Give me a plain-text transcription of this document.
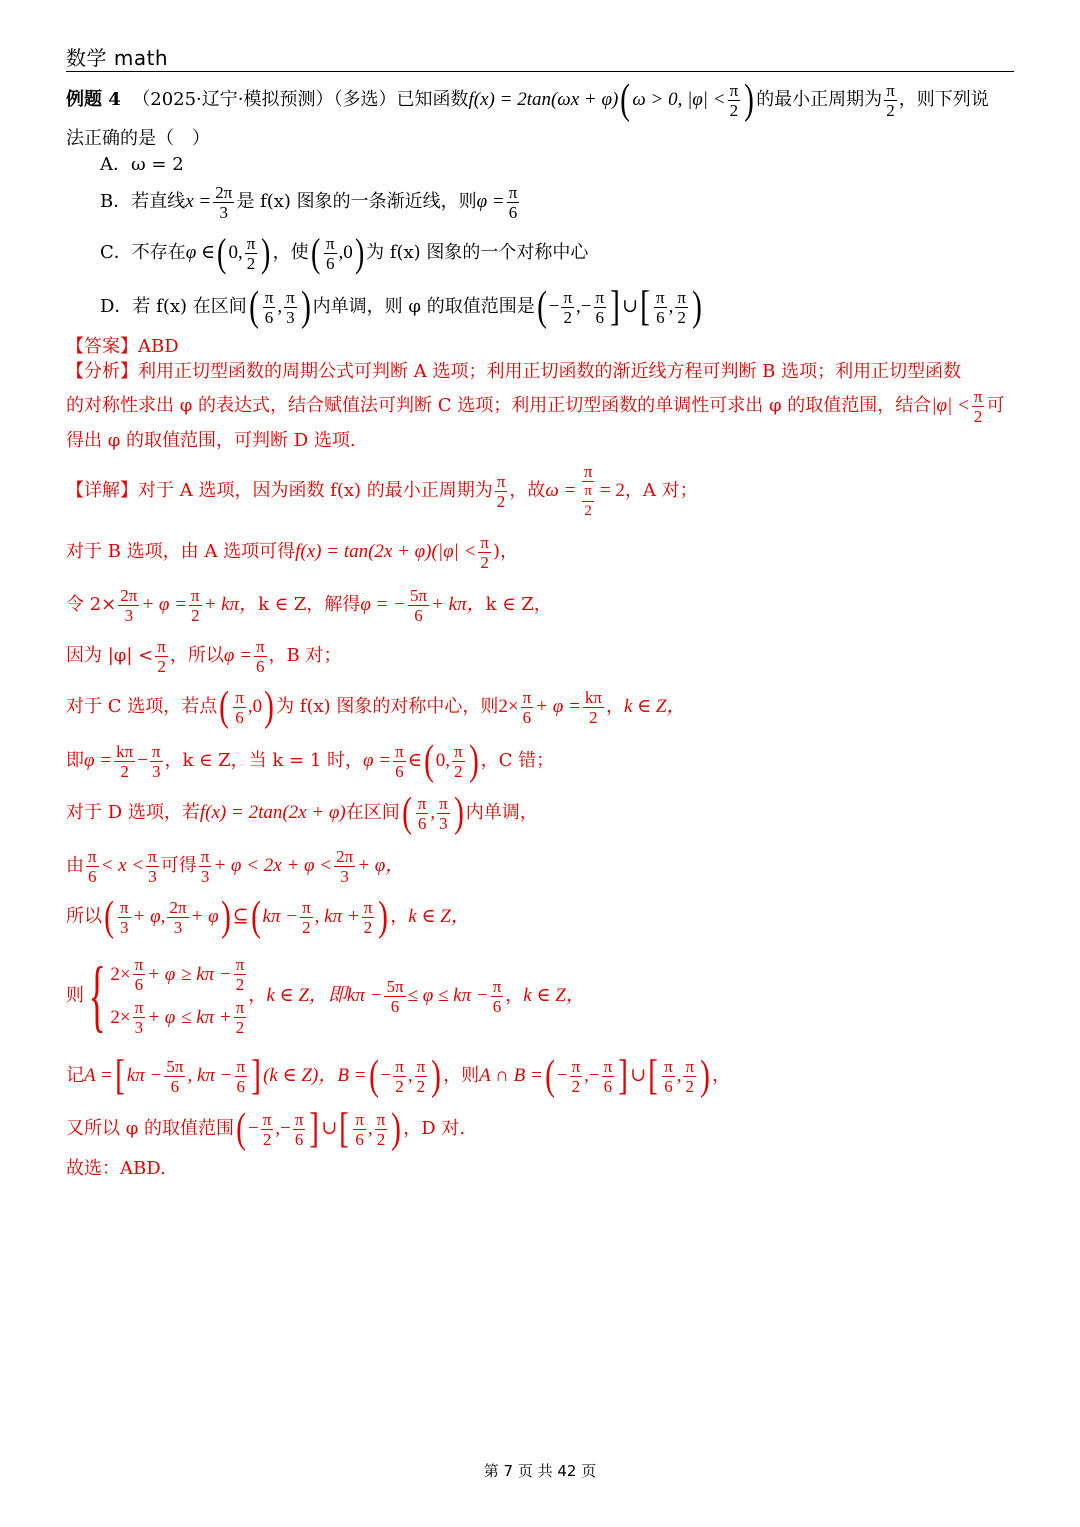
数学 math
例题 4
（2025·辽宁·模拟预测）（多选） 已知函数 f(x) = 2tan(ωx + φ) ( ω > 0, $|\varphi| < \frac{\pi}{2}$ ) 的最小正周期为 $\frac{\pi}{2}$ ，则下列说
法正确的是（　）
A．ω = 2
B．若直线 $x = \frac{2\pi}{3}$ 是 f(x) 图象的一条渐近线，则 $\varphi = \frac{\pi}{6}$
C．不存在 φ ∈ ( 0, $\frac{\pi}{2}$ ) ，使 ( $\frac{\pi}{6} ,0$ ) 为 f(x) 图象的一个对称中心
D．若 f(x) 在区间 ( $\frac{\pi}{6}$ , $\frac{\pi}{3}$ ) 内单调，则 φ 的取值范围是 ( − $\frac{\pi}{2}$ ,− $\frac{\pi}{6}$ ] ∪ [ $\frac{\pi}{6}$ , $\frac{\pi}{2}$ )
【答案】 ABD
【分析】 利用正切型函数的周期公式可判断 A 选项；利用正切函数的渐近线方程可判断 B 选项；利用正切型函数
的对称性求出 φ 的表达式，结合赋值法可判断 C 选项；利用正切型函数的单调性可求出 φ 的取值范围，结合 $|\varphi| < \frac{\pi}{2}$ 可
得出 φ 的取值范围，可判断 D 选项.
【详解】 对于 A 选项，因为函数 f(x) 的最小正周期为 $\frac{\pi}{2}$ ，故 $\omega = \frac{\pi}{\frac{\pi}{2}} = 2$ ，A 对；
对于 B 选项，由 A 选项可得 f(x) = tan(2x + φ) ($|\varphi| < \frac{\pi}{2}$ )，
令 $2\times \frac{2\pi}{3} + \varphi = \frac{\pi}{2} + k\pi$， k ∈ Z，解得 φ = − $\frac{5\pi}{6} + k\pi$， k ∈ Z，
因为 $|\varphi| < \frac{\pi}{2}$ ，所以 $\varphi = \frac{\pi}{6}$ ，B 对；
对于 C 选项，若点 ( $\frac{\pi}{6} ,0$ ) 为 f(x) 图象的对称中心，则 $2\times \frac{\pi}{6} + \varphi = \frac{k\pi}{2}$ ， k ∈ Z，
即 $\varphi = \frac{k\pi}{2} - \frac{\pi}{3}$ ， k ∈ Z，当 k = 1 时， $\varphi = \frac{\pi}{6}$ ∈ ( 0, $\frac{\pi}{2}$ ) ，C 错；
对于 D 选项，若 f(x) = 2tan(2x + φ) 在区间 ( $\frac{\pi}{6}$ , $\frac{\pi}{3}$ ) 内单调，
由 $\frac{\pi}{6} < x < \frac{\pi}{3}$ 可得 $\frac{\pi}{3} + \varphi < 2x + \varphi < \frac{2\pi}{3} + \varphi$，
所以 ( $\frac{\pi}{3} + \varphi$, $\frac{2\pi}{3} + \varphi$ ) ⊆ ( $k\pi - \frac{\pi}{2}$ , $k\pi + \frac{\pi}{2}$ ) ， k ∈ Z，
则 { $2\times \frac{\pi}{6} + \varphi$
≥ $k\pi - \frac{\pi}{2}$
$2\times \frac{\pi}{3} + \varphi$
≤ $k\pi + \frac{\pi}{2}$
， k ∈ Z，即 $k\pi - \frac{5\pi}{6} \le \varphi \le k\pi - \frac{\pi}{6}$ ， k ∈ Z，
记 A = [ $k\pi - \frac{5\pi}{6}$ , $k\pi - \frac{\pi}{6}$ ] (k ∈ Z)， B = ( − $\frac{\pi}{2}$ , $\frac{\pi}{2}$ ) ，则 A ∩ B = ( − $\frac{\pi}{2}$ ,− $\frac{\pi}{6}$ ] ∪ [ $\frac{\pi}{6}$ , $\frac{\pi}{2}$ ) ，
又所以 φ 的取值范围 ( − $\frac{\pi}{2}$ ,− $\frac{\pi}{6}$ ] ∪ [ $\frac{\pi}{6}$ , $\frac{\pi}{2}$ ) ，D 对.
故选：ABD.
第 7 页 共 42 页
